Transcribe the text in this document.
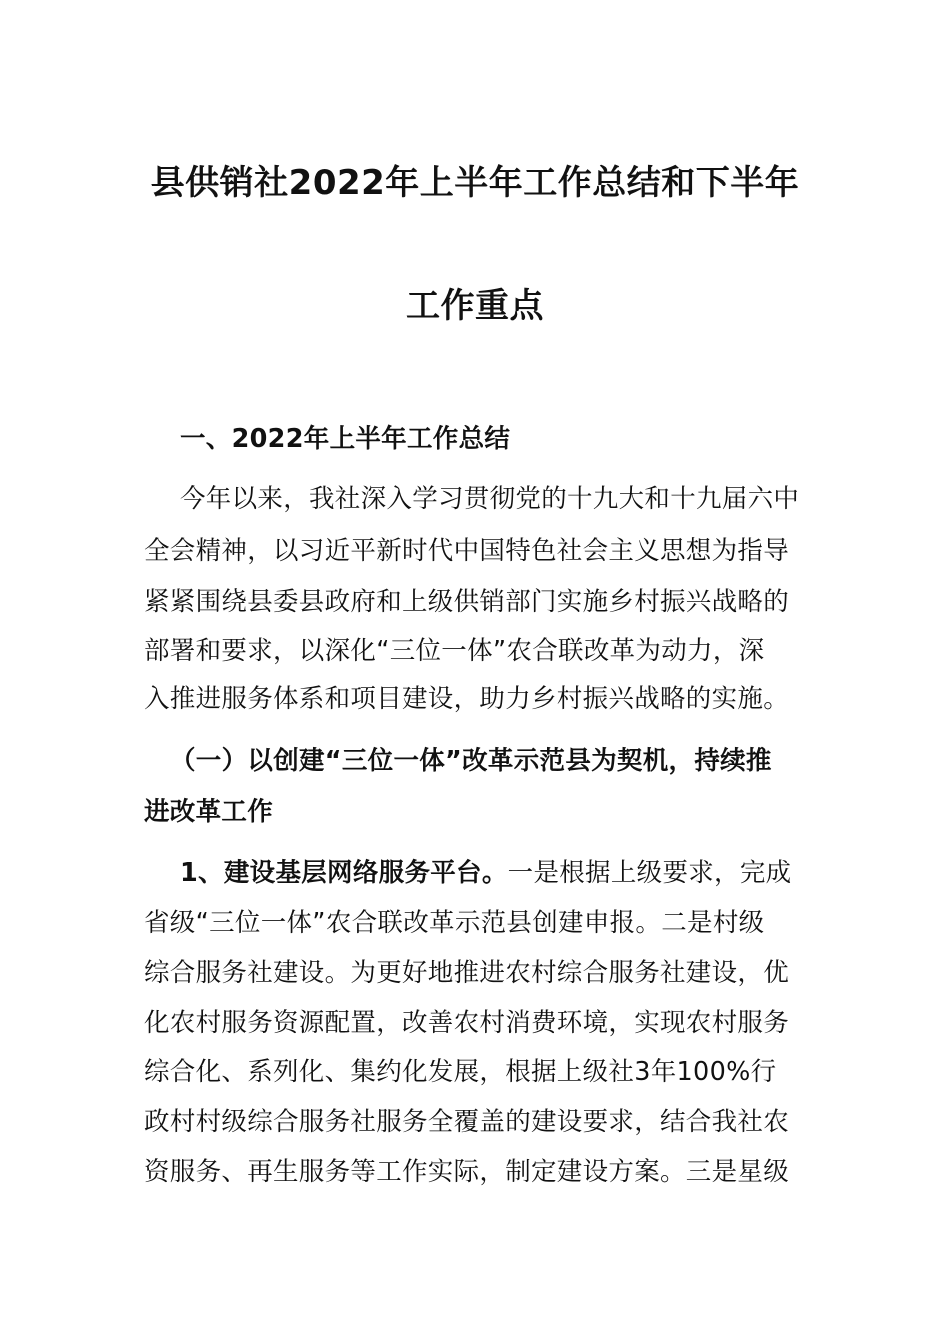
县供销社2022年上半年工作总结和下半年
工作重点
一、2022年上半年工作总结
今年以来，我社深入学习贯彻党的十九大和十九届六中
全会精神，以习近平新时代中国特色社会主义思想为指导
紧紧围绕县委县政府和上级供销部门实施乡村振兴战略的
部署和要求，以深化“三位一体”农合联改革为动力，深
入推进服务体系和项目建设，助力乡村振兴战略的实施。
（一）以创建“三位一体”改革示范县为契机，持续推
进改革工作
1、建设基层网络服务平台。一是根据上级要求，完成
省级“三位一体”农合联改革示范县创建申报。二是村级
综合服务社建设。为更好地推进农村综合服务社建设，优
化农村服务资源配置，改善农村消费环境，实现农村服务
综合化、系列化、集约化发展，根据上级社3年100%行
政村村级综合服务社服务全覆盖的建设要求，结合我社农
资服务、再生服务等工作实际，制定建设方案。三是星级
